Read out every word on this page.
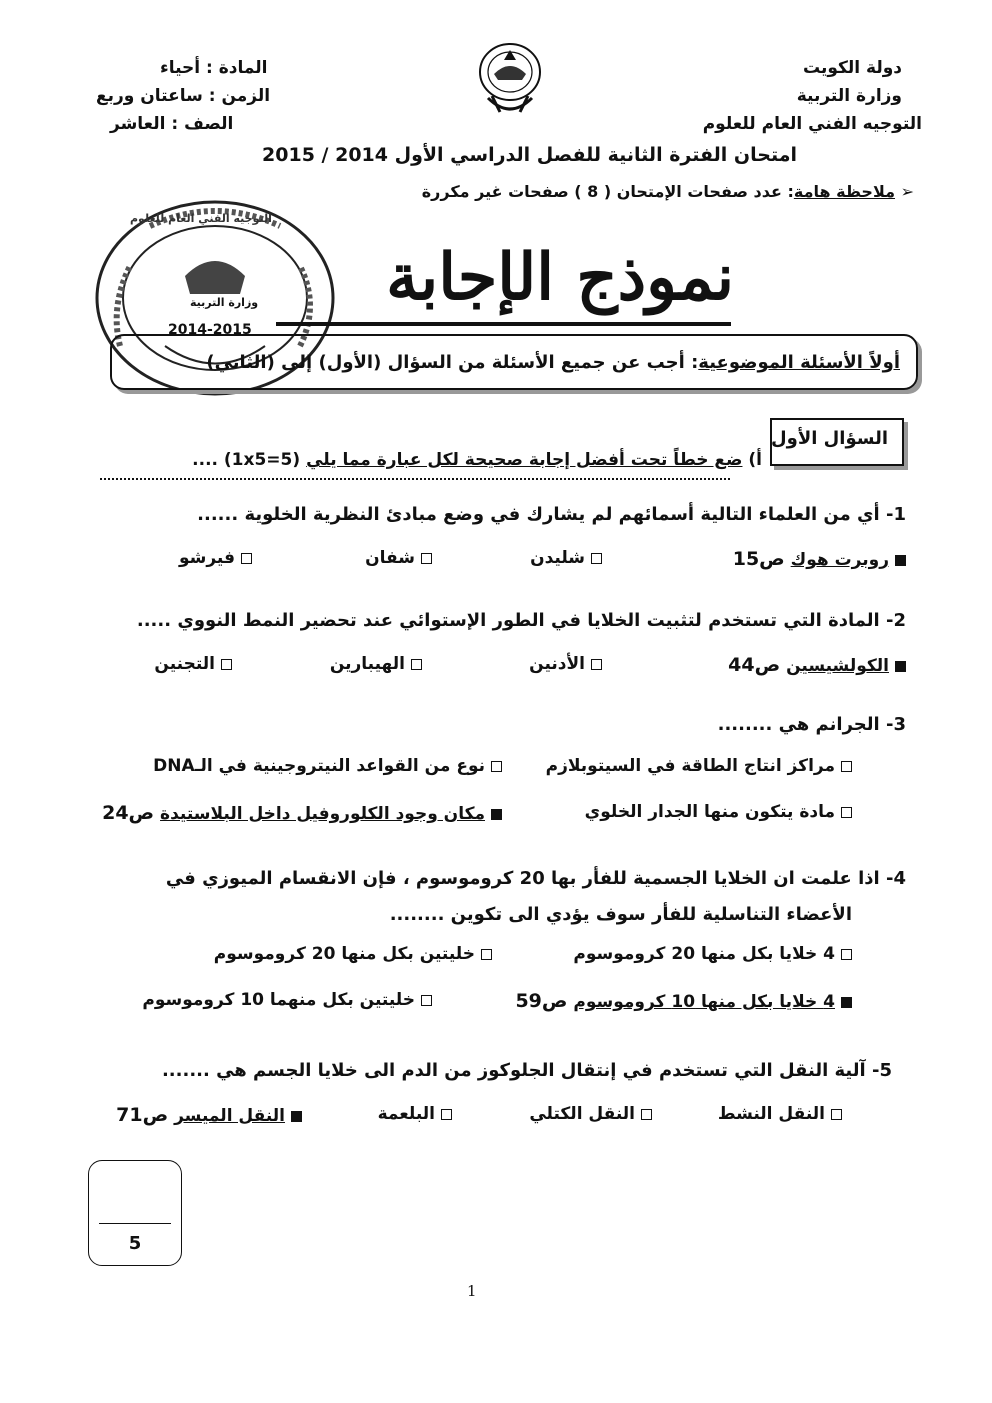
دولة الكويت
وزارة التربية
التوجيه الفني العام للعلوم
المادة : أحياء
الزمن : ساعتان وربع
الصف : العاشر
امتحان الفترة الثانية للفصل الدراسي الأول 2014 / 2015
➢ ملاحظة هامة: عدد صفحات الإمتحان ( 8 ) صفحات غير مكررة
2014-2015
وزارة التربية
التوجيه الفني العام للعلوم
نموذج الإجابة
أولاً الأسئلة الموضوعية: أجب عن جميع الأسئلة من السؤال (الأول) إلى (الثاني)
السؤال الأول
أ) ضع خطاً تحت أفضل إجابة صحيحة لكل عبارة مما يلي .... (1x5=5)
1- أي من العلماء التالية أسمائهم لم يشارك في وضع مبادئ النظرية الخلوية ......
روبرت هوك ص15
شليدن
شفان
فيرشو
2- المادة التي تستخدم لتثبيت الخلايا في الطور الإستوائي عند تحضير النمط النووي .....
الكولشيسين ص44
الأدنين
الهيبارين
التجنين
3- الجرانم هي ........
مراكز انتاج الطاقة في السيتوبلازم
نوع من القواعد النيتروجينية في الـDNA
مادة يتكون منها الجدار الخلوي
مكان وجود الكلوروفيل داخل البلاستيدة ص24
4- اذا علمت ان الخلايا الجسمية للفأر بها 20 كروموسوم ، فإن الانقسام الميوزي في
الأعضاء التناسلية للفأر سوف يؤدي الى تكوين ........
4 خلايا بكل منها 20 كروموسوم
خليتين بكل منها 20 كروموسوم
4 خلايا بكل منها 10 كروموسوم ص59
خليتين بكل منهما 10 كروموسوم
5- آلية النقل التي تستخدم في إنتقال الجلوكوز من الدم الى خلايا الجسم هي .......
النقل النشط
النقل الكتلي
البلعمة
النقل الميسر ص71
5
1
